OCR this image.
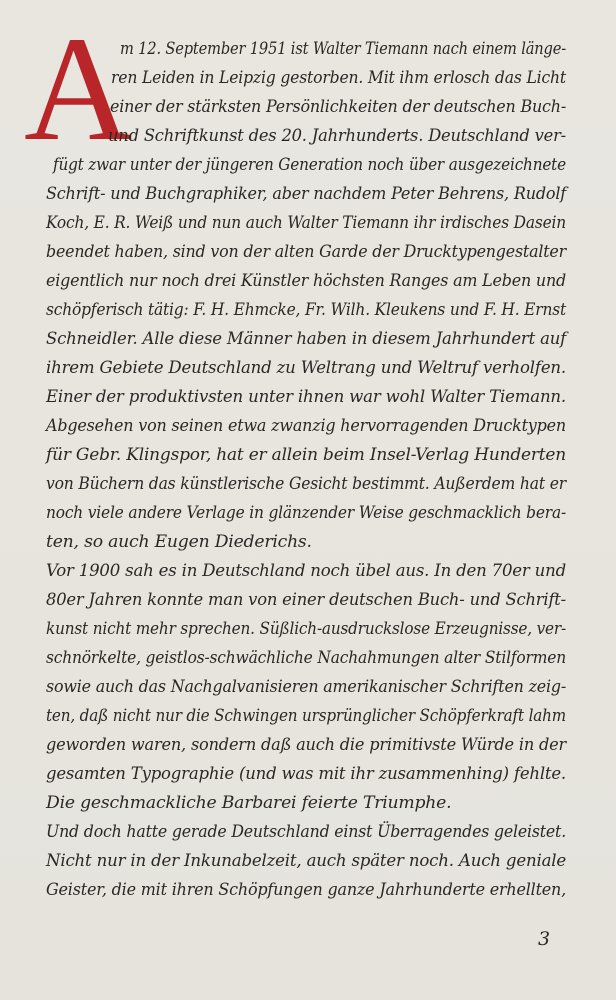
A
m 12. September 1951 ist Walter Tiemann nach einem länge-
ren Leiden in Leipzig gestorben. Mit ihm erlosch das Licht
einer der stärksten Persönlichkeiten der deutschen Buch-
und Schriftkunst des 20. Jahrhunderts. Deutschland ver-
fügt zwar unter der jüngeren Generation noch über ausgezeichnete
Schrift- und Buchgraphiker, aber nachdem Peter Behrens, Rudolf
Koch, E. R. Weiß und nun auch Walter Tiemann ihr irdisches Dasein
beendet haben, sind von der alten Garde der Drucktypengestalter
eigentlich nur noch drei Künstler höchsten Ranges am Leben und
schöpferisch tätig: F. H. Ehmcke, Fr. Wilh. Kleukens und F. H. Ernst
Schneidler. Alle diese Männer haben in diesem Jahrhundert auf
ihrem Gebiete Deutschland zu Weltrang und Weltruf verholfen.
Einer der produktivsten unter ihnen war wohl Walter Tiemann.
Abgesehen von seinen etwa zwanzig hervorragenden Drucktypen
für Gebr. Klingspor, hat er allein beim Insel-Verlag Hunderten
von Büchern das künstlerische Gesicht bestimmt. Außerdem hat er
noch viele andere Verlage in glänzender Weise geschmacklich bera-
ten, so auch Eugen Diederichs.
Vor 1900 sah es in Deutschland noch übel aus. In den 70er und
80er Jahren konnte man von einer deutschen Buch- und Schrift-
kunst nicht mehr sprechen. Süßlich-ausdruckslose Erzeugnisse, ver-
schnörkelte, geistlos-schwächliche Nachahmungen alter Stilformen
sowie auch das Nachgalvanisieren amerikanischer Schriften zeig-
ten, daß nicht nur die Schwingen ursprünglicher Schöpferkraft lahm
geworden waren, sondern daß auch die primitivste Würde in der
gesamten Typographie (und was mit ihr zusammenhing) fehlte.
Die geschmackliche Barbarei feierte Triumphe.
Und doch hatte gerade Deutschland einst Überragendes geleistet.
Nicht nur in der Inkunabelzeit, auch später noch. Auch geniale
Geister, die mit ihren Schöpfungen ganze Jahrhunderte erhellten,
3
